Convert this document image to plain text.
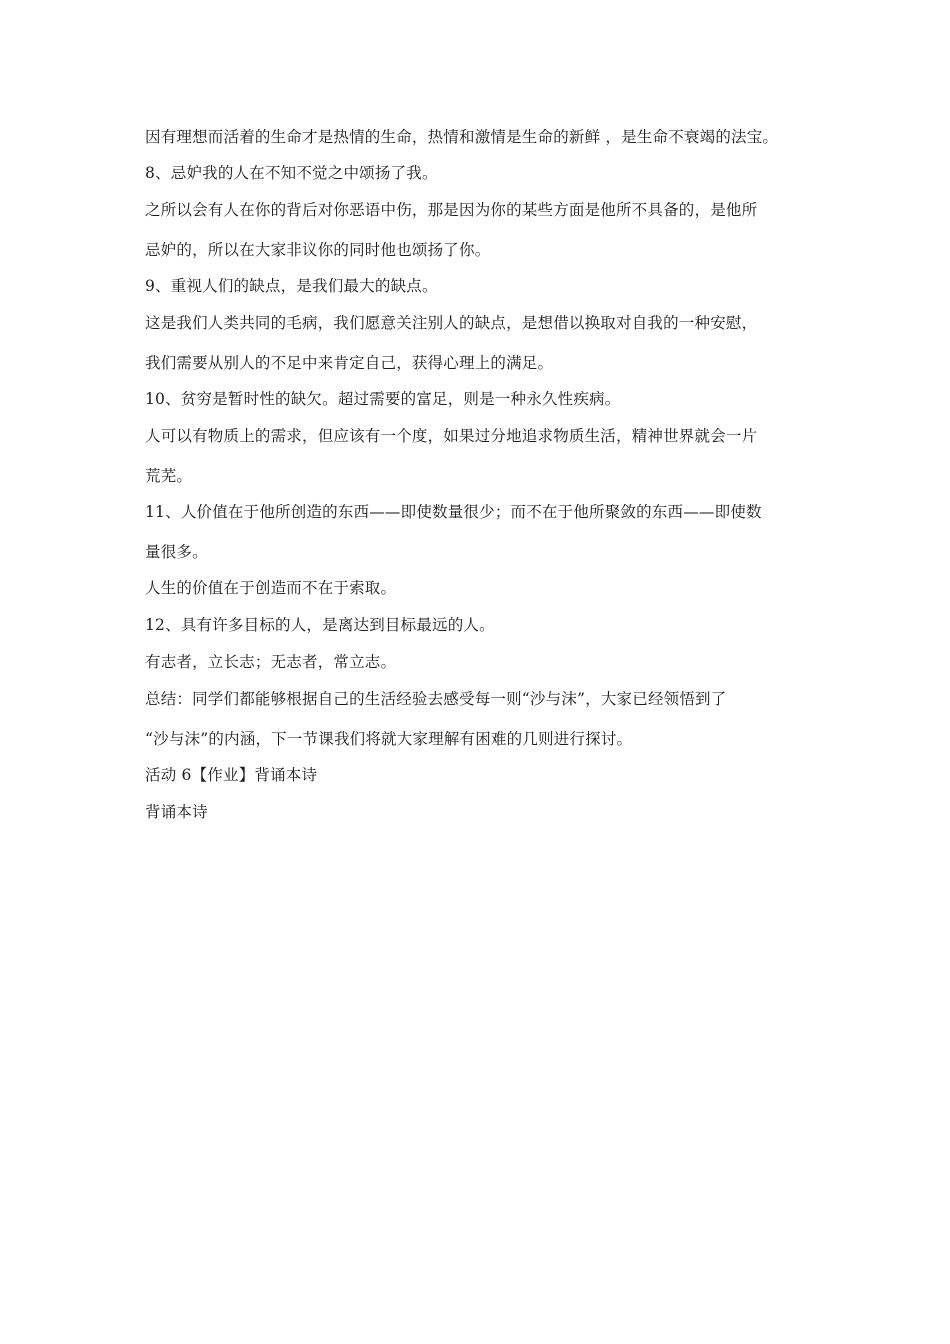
因有理想而活着的生命才是热情的生命，热情和激情是生命的新鲜 ，是生命不衰竭的法宝。
8、忌妒我的人在不知不觉之中颂扬了我。
之所以会有人在你的背后对你恶语中伤，那是因为你的某些方面是他所不具备的，是他所
忌妒的，所以在大家非议你的同时他也颂扬了你。
9、重视人们的缺点，是我们最大的缺点。
这是我们人类共同的毛病，我们愿意关注别人的缺点，是想借以换取对自我的一种安慰，
我们需要从别人的不足中来肯定自己，获得心理上的满足。
10、贫穷是暂时性的缺欠。超过需要的富足，则是一种永久性疾病。
人可以有物质上的需求，但应该有一个度，如果过分地追求物质生活，精神世界就会一片
荒芜。
11、人价值在于他所创造的东西——即使数量很少；而不在于他所聚敛的东西——即使数
量很多。
人生的价值在于创造而不在于索取。
12、具有许多目标的人，是离达到目标最远的人。
有志者，立长志；无志者，常立志。
总结：同学们都能够根据自己的生活经验去感受每一则“沙与沫”，大家已经领悟到了
“沙与沫”的内涵，下一节课我们将就大家理解有困难的几则进行探讨。
活动 6【作业】背诵本诗
背诵本诗
